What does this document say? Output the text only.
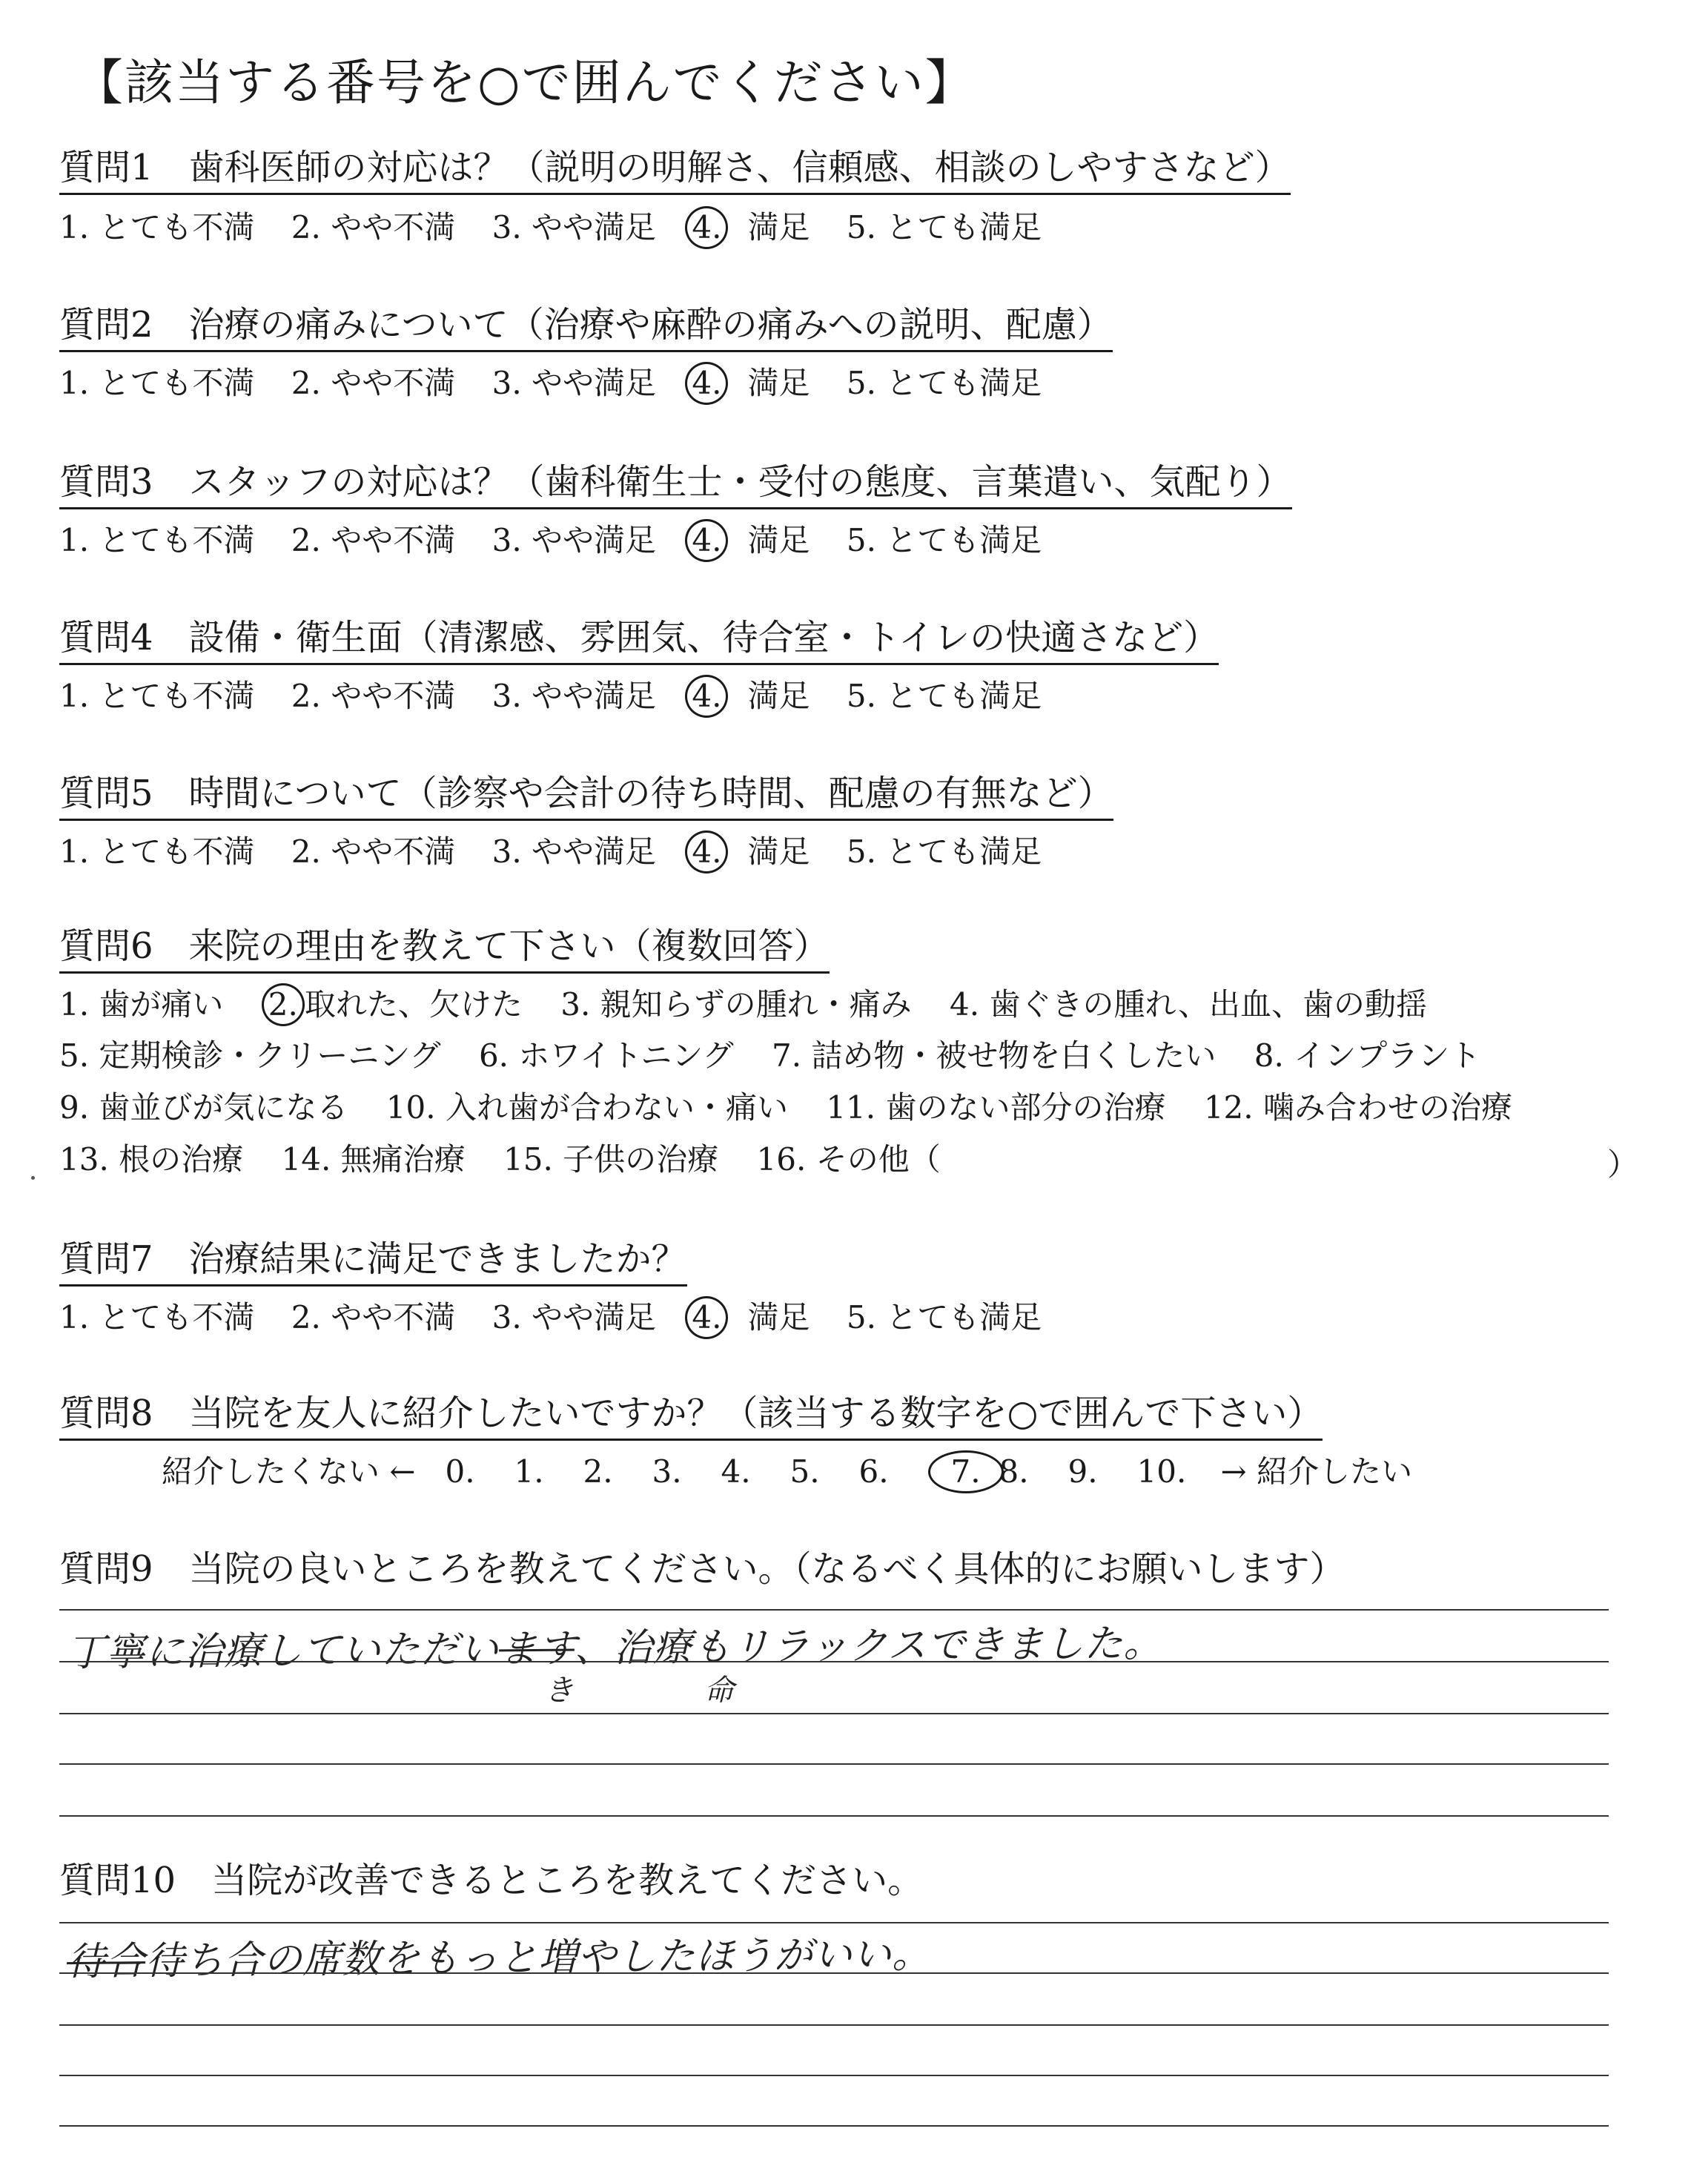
【該当する番号を○で囲んでください】
質問1　歯科医師の対応は？（説明の明解さ、信頼感、相談のしやすさなど）
1. とても不満 2. やや不満 3. やや満足 4. 満足 5. とても満足
質問2　治療の痛みについて（治療や麻酔の痛みへの説明、配慮）
1. とても不満 2. やや不満 3. やや満足 4. 満足 5. とても満足
質問3　スタッフの対応は？（歯科衛生士・受付の態度、言葉遣い、気配り）
1. とても不満 2. やや不満 3. やや満足 4. 満足 5. とても満足
質問4　設備・衛生面（清潔感、雰囲気、待合室・トイレの快適さなど）
1. とても不満 2. やや不満 3. やや満足 4. 満足 5. とても満足
質問5　時間について（診察や会計の待ち時間、配慮の有無など）
1. とても不満 2. やや不満 3. やや満足 4. 満足 5. とても満足
質問6　来院の理由を教えて下さい（複数回答）
1. 歯が痛い 2. 取れた、欠けた 3. 親知らずの腫れ・痛み 4. 歯ぐきの腫れ、出血、歯の動揺
5. 定期検診・クリーニング 6. ホワイトニング 7. 詰め物・被せ物を白くしたい 8. インプラント
9. 歯並びが気になる 10. 入れ歯が合わない・痛い 11. 歯のない部分の治療 12. 噛み合わせの治療
13. 根の治療 14. 無痛治療 15. 子供の治療 16. その他（	）
質問7　治療結果に満足できましたか？
1. とても不満 2. やや不満 3. やや満足 4. 満足 5. とても満足
質問8　当院を友人に紹介したいですか？（該当する数字を○で囲んで下さい）
紹介したくない ← 0. 1. 2. 3. 4. 5. 6. 7. 8. 9. 10. → 紹介したい
質問9　当院の良いところを教えてください。（なるべく具体的にお願いします）
丁寧に治療していただいます、治療もリラックスできました。
き	命
質問10　当院が改善できるところを教えてください。
待合待ち合の席数をもっと増やしたほうがいい。
